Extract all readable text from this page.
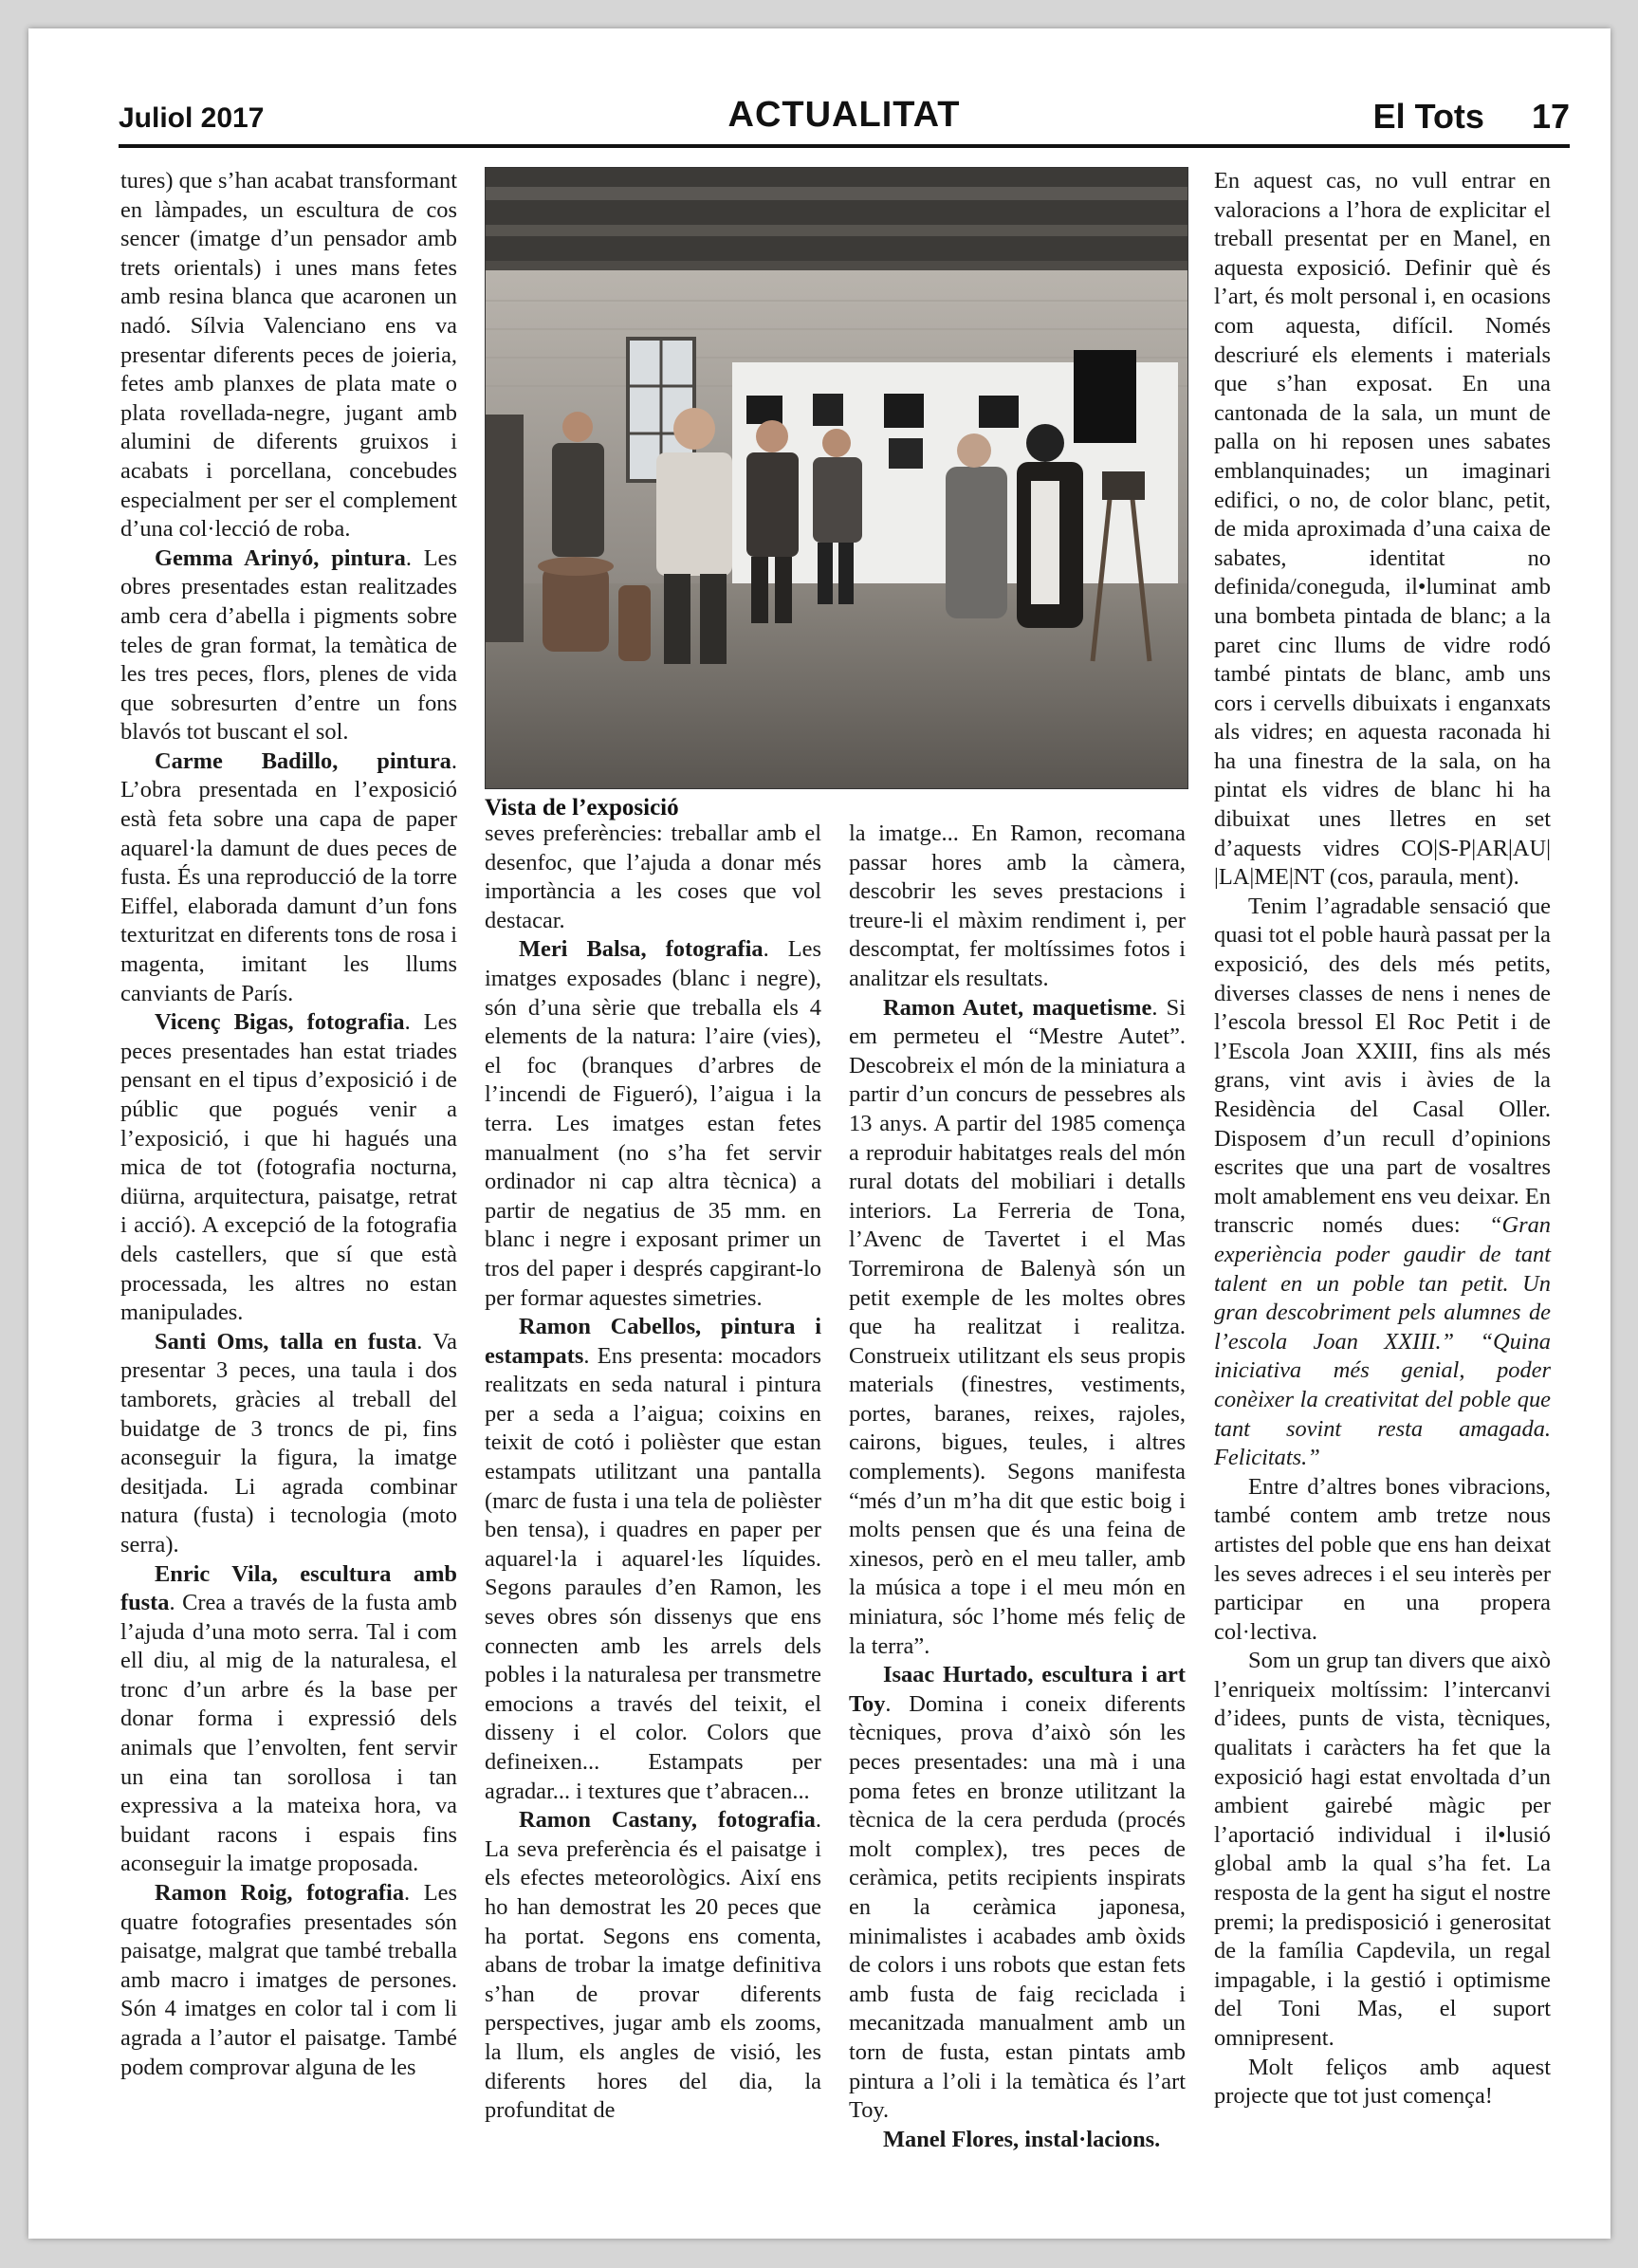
Juliol 2017	ACTUALITAT	El Tots 17

tures) que s’han acabat transformant en làmpades, un escultura de cos sencer (imatge d’un pensador amb trets orientals) i unes mans fetes amb resina blanca que acaronen un nadó. Sílvia Valenciano ens va presentar diferents peces de joieria, fetes amb planxes de plata mate o plata rovellada-negre, jugant amb alumini de diferents gruixos i acabats i porcellana, concebudes especialment per ser el complement d’una col·lecció de roba.

Gemma Arinyó, pintura. Les obres presentades estan realitzades amb cera d’abella i pigments sobre teles de gran format, la temàtica de les tres peces, flors, plenes de vida que sobresurten d’entre un fons blavós tot buscant el sol.

Carme Badillo, pintura. L’obra presentada en l’exposició està feta sobre una capa de paper aquarel·la damunt de dues peces de fusta. És una reproducció de la torre Eiffel, elaborada damunt d’un fons texturitzat en diferents tons de rosa i magenta, imitant les llums canviants de París.

Vicenç Bigas, fotografia. Les peces presentades han estat triades pensant en el tipus d’exposició i de públic que pogués venir a l’exposició, i que hi hagués una mica de tot (fotografia nocturna, diürna, arquitectura, paisatge, retrat i acció). A excepció de la fotografia dels castellers, que sí que està processada, les altres no estan manipulades.

Santi Oms, talla en fusta. Va presentar 3 peces, una taula i dos tamborets, gràcies al treball del buidatge de 3 troncs de pi, fins aconseguir la figura, la imatge desitjada. Li agrada combinar natura (fusta) i tecnologia (moto serra).

Enric Vila, escultura amb fusta. Crea a través de la fusta amb l’ajuda d’una moto serra. Tal i com ell diu, al mig de la naturalesa, el tronc d’un arbre és la base per donar forma i expressió dels animals que l’envolten, fent servir un eina tan sorollosa i tan expressiva a la mateixa hora, va buidant racons i espais fins aconseguir la imatge proposada.

Ramon Roig, fotografia. Les quatre fotografies presentades són paisatge, malgrat que també treballa amb macro i imatges de persones. Són 4 imatges en color tal i com li agrada a l’autor el paisatge. També podem comprovar alguna de les

Vista de l’exposició

seves preferències: treballar amb el desenfoc, que l’ajuda a donar més importància a les coses que vol destacar.

Meri Balsa, fotografia. Les imatges exposades (blanc i negre), són d’una sèrie que treballa els 4 elements de la natura: l’aire (vies), el foc (branques d’arbres de l’incendi de Figueró), l’aigua i la terra. Les imatges estan fetes manualment (no s’ha fet servir ordinador ni cap altra tècnica) a partir de negatius de 35 mm. en blanc i negre i exposant primer un tros del paper i després capgirant-lo per formar aquestes simetries.

Ramon Cabellos, pintura i estampats. Ens presenta: mocadors realitzats en seda natural i pintura per a seda a l’aigua; coixins en teixit de cotó i polièster que estan estampats utilitzant una pantalla (marc de fusta i una tela de polièster ben tensa), i quadres en paper per aquarel·la i aquarel·les líquides. Segons paraules d’en Ramon, les seves obres són dissenys que ens connecten amb les arrels dels pobles i la naturalesa per transmetre emocions a través del teixit, el disseny i el color. Colors que defineixen... Estampats per agradar... i textures que t’abracen...

Ramon Castany, fotografia. La seva preferència és el paisatge i els efectes meteorològics. Així ens ho han demostrat les 20 peces que ha portat. Segons ens comenta, abans de trobar la imatge definitiva s’han de provar diferents perspectives, jugar amb els zooms, la llum, els angles de visió, les diferents hores del dia, la profunditat de

la imatge... En Ramon, recomana passar hores amb la càmera, descobrir les seves prestacions i treure-li el màxim rendiment i, per descomptat, fer moltíssimes fotos i analitzar els resultats.

Ramon Autet, maquetisme. Si em permeteu el “Mestre Autet”. Descobreix el món de la miniatura a partir d’un concurs de pessebres als 13 anys. A partir del 1985 comença a reproduir habitatges reals del món rural dotats del mobiliari i detalls interiors. La Ferreria de Tona, l’Avenc de Tavertet i el Mas Torremirona de Balenyà són un petit exemple de les moltes obres que ha realitzat i realitza. Construeix utilitzant els seus propis materials (finestres, vestiments, portes, baranes, reixes, rajoles, cairons, bigues, teules, i altres complements). Segons manifesta “més d’un m’ha dit que estic boig i molts pensen que és una feina de xinesos, però en el meu taller, amb la música a tope i el meu món en miniatura, sóc l’home més feliç de la terra”.

Isaac Hurtado, escultura i art Toy. Domina i coneix diferents tècniques, prova d’això són les peces presentades: una mà i una poma fetes en bronze utilitzant la tècnica de la cera perduda (procés molt complex), tres peces de ceràmica, petits recipients inspirats en la ceràmica japonesa, minimalistes i acabades amb òxids de colors i uns robots que estan fets amb fusta de faig reciclada i mecanitzada manualment amb un torn de fusta, estan pintats amb pintura a l’oli i la temàtica és l’art Toy.

Manel Flores, instal·lacions.

En aquest cas, no vull entrar en valoracions a l’hora de explicitar el treball presentat per en Manel, en aquesta exposició. Definir què és l’art, és molt personal i, en ocasions com aquesta, difícil. Només descriuré els elements i materials que s’han exposat. En una cantonada de la sala, un munt de palla on hi reposen unes sabates emblanquinades; un imaginari edifici, o no, de color blanc, petit, de mida aproximada d’una caixa de sabates, identitat no definida/coneguda, il•luminat amb una bombeta pintada de blanc; a la paret cinc llums de vidre rodó també pintats de blanc, amb uns cors i cervells dibuixats i enganxats als vidres; en aquesta raconada hi ha una finestra de la sala, on ha pintat els vidres de blanc hi ha dibuixat unes lletres en set d’aquests vidres CO|S-P|AR|AU| |LA|ME|NT (cos, paraula, ment).

Tenim l’agradable sensació que quasi tot el poble haurà passat per la exposició, des dels més petits, diverses classes de nens i nenes de l’escola bressol El Roc Petit i de l’Escola Joan XXIII, fins als més grans, vint avis i àvies de la Residència del Casal Oller. Disposem d’un recull d’opinions escrites que una part de vosaltres molt amablement ens veu deixar. En transcric només dues: “Gran experiència poder gaudir de tant talent en un poble tan petit. Un gran descobriment pels alumnes de l’escola Joan XXIII.” “Quina iniciativa més genial, poder conèixer la creativitat del poble que tant sovint resta amagada. Felicitats.”

Entre d’altres bones vibracions, també contem amb tretze nous artistes del poble que ens han deixat les seves adreces i el seu interès per participar en una propera col·lectiva.

Som un grup tan divers que això l’enriqueix moltíssim: l’intercanvi d’idees, punts de vista, tècniques, qualitats i caràcters ha fet que la exposició hagi estat envoltada d’un ambient gairebé màgic per l’aportació individual i il•lusió global amb la qual s’ha fet. La resposta de la gent ha sigut el nostre premi; la predisposició i generositat de la família Capdevila, un regal impagable, i la gestió i optimisme del Toni Mas, el suport omnipresent.

Molt feliços amb aquest projecte que tot just comença!
